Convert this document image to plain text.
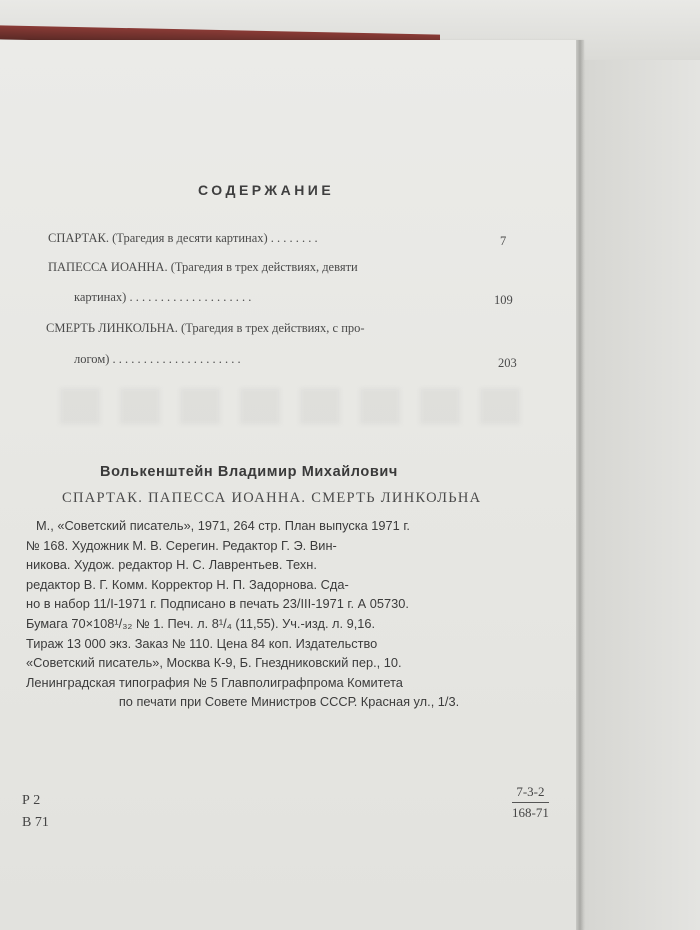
СОДЕРЖАНИЕ
СПАРТАК. (Трагедия в десяти картинах) . . . . . . . .	7
ПАПЕССА ИОАННА. (Трагедия в трех действиях, девяти
картинах) . . . . . . . . . . . . . . . . . . . .	109
СМЕРТЬ ЛИНКОЛЬНА. (Трагедия в трех действиях, с про-
логом) . . . . . . . . . . . . . . . . . . . . .	203
Волькенштейн Владимир Михайлович
СПАРТАК. ПАПЕССА ИОАННА. СМЕРТЬ ЛИНКОЛЬНА
М., «Советский писатель», 1971, 264 стр. План выпуска 1971 г.
№ 168. Художник М. В. Серегин. Редактор Г. Э. Вин-
никова. Худож. редактор Н. С. Лаврентьев. Техн.
редактор В. Г. Комм. Корректор Н. П. Задорнова. Сда-
но в набор 11/I-1971 г. Подписано в печать 23/III-1971 г. А 05730.
Бумага 70×108¹/₃₂ № 1. Печ. л. 8¹/₄ (11,55). Уч.-изд. л. 9,16.
Тираж 13 000 экз. Заказ № 110. Цена 84 коп. Издательство
«Советский писатель», Москва К-9, Б. Гнездниковский пер., 10.
Ленинградская типография № 5 Главполиграфпрома Комитета
по печати при Совете Министров СССР. Красная ул., 1/3.
Р 2
В 71
$\frac{7-3-2}{168-71}$
